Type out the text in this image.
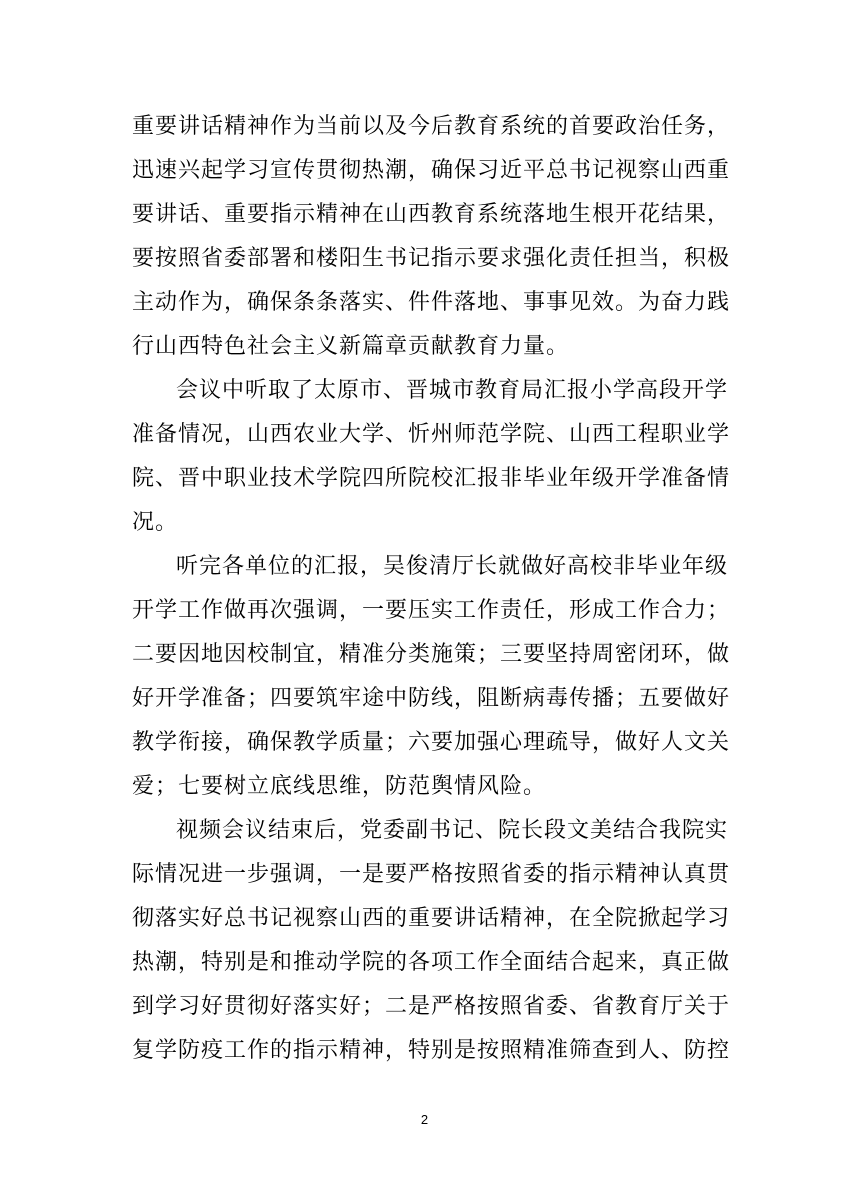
重要讲话精神作为当前以及今后教育系统的首要政治任务，
迅速兴起学习宣传贯彻热潮，确保习近平总书记视察山西重
要讲话、重要指示精神在山西教育系统落地生根开花结果，
要按照省委部署和楼阳生书记指示要求强化责任担当，积极
主动作为，确保条条落实、件件落地、事事见效。为奋力践
行山西特色社会主义新篇章贡献教育力量。
会议中听取了太原市、晋城市教育局汇报小学高段开学
准备情况，山西农业大学、忻州师范学院、山西工程职业学
院、晋中职业技术学院四所院校汇报非毕业年级开学准备情
况。
听完各单位的汇报，吴俊清厅长就做好高校非毕业年级
开学工作做再次强调，一要压实工作责任，形成工作合力；
二要因地因校制宜，精准分类施策；三要坚持周密闭环，做
好开学准备；四要筑牢途中防线，阻断病毒传播；五要做好
教学衔接，确保教学质量；六要加强心理疏导，做好人文关
爱；七要树立底线思维，防范舆情风险。
视频会议结束后，党委副书记、院长段文美结合我院实
际情况进一步强调，一是要严格按照省委的指示精神认真贯
彻落实好总书记视察山西的重要讲话精神，在全院掀起学习
热潮，特别是和推动学院的各项工作全面结合起来，真正做
到学习好贯彻好落实好；二是严格按照省委、省教育厅关于
复学防疫工作的指示精神，特别是按照精准筛查到人、防控
2
